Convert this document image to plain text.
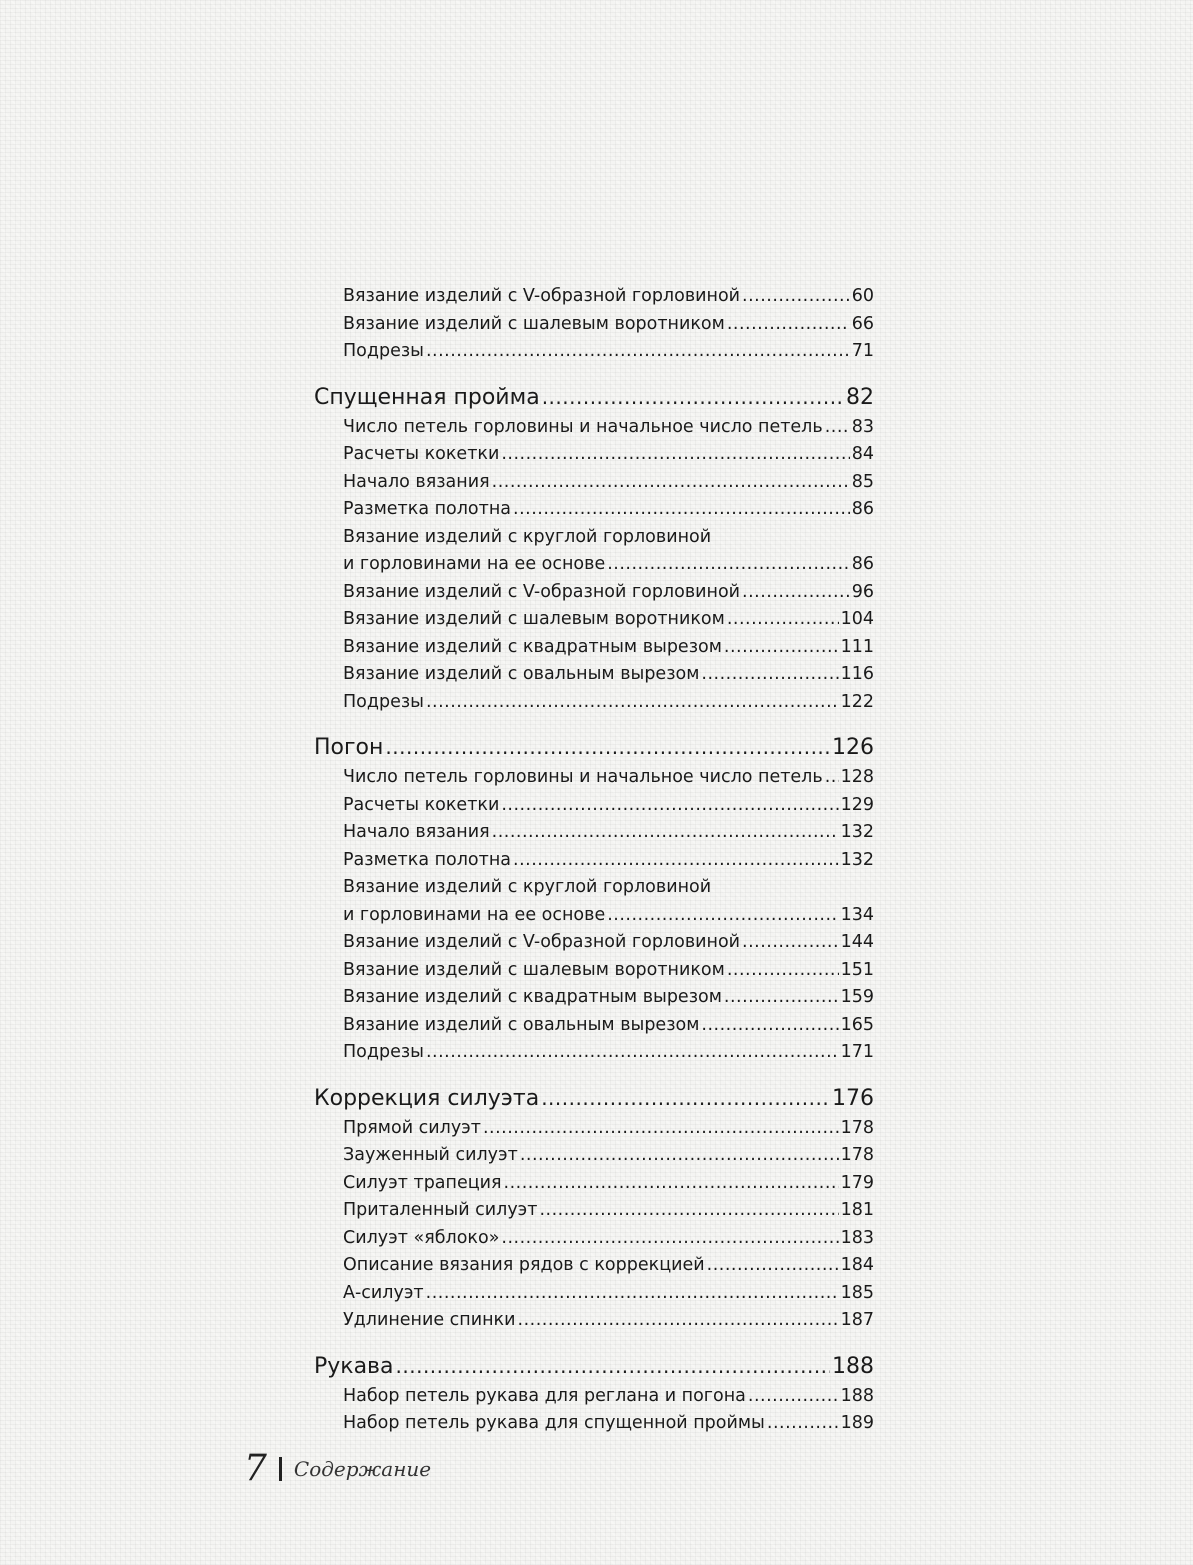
Вязание изделий с V-образной горловиной .....	60
Вязание изделий с шалевым воротником .....	66
Подрезы .....	71
Спущенная пройма .....	82
Число петель горловины и начальное число петель ..... 83
Расчеты кокетки .....	84
Начало вязания .....	85
Разметка полотна .....	86
Вязание изделий с круглой горловиной
и горловинами на ее основе .....	86
Вязание изделий с V-образной горловиной .....	96
Вязание изделий с шалевым воротником .....	104
Вязание изделий с квадратным вырезом .....	111
Вязание изделий с овальным вырезом .....	116
Подрезы .....	122
Погон .....	126
Число петель горловины и начальное число петель ..... 128
Расчеты кокетки .....	129
Начало вязания .....	132
Разметка полотна .....	132
Вязание изделий с круглой горловиной
и горловинами на ее основе .....	134
Вязание изделий с V-образной горловиной .....	144
Вязание изделий с шалевым воротником .....	151
Вязание изделий с квадратным вырезом .....	159
Вязание изделий с овальным вырезом .....	165
Подрезы .....	171
Коррекция силуэта .....	176
Прямой силуэт .....	178
Зауженный силуэт .....	178
Силуэт трапеция .....	179
Приталенный силуэт .....	181
Силуэт «яблоко» .....	183
Описание вязания рядов с коррекцией .....	184
А-силуэт .....	185
Удлинение спинки .....	187
Рукава .....	188
Набор петель рукава для реглана и погона .....	188
Набор петель рукава для спущенной проймы .....	189
7 Содержание
